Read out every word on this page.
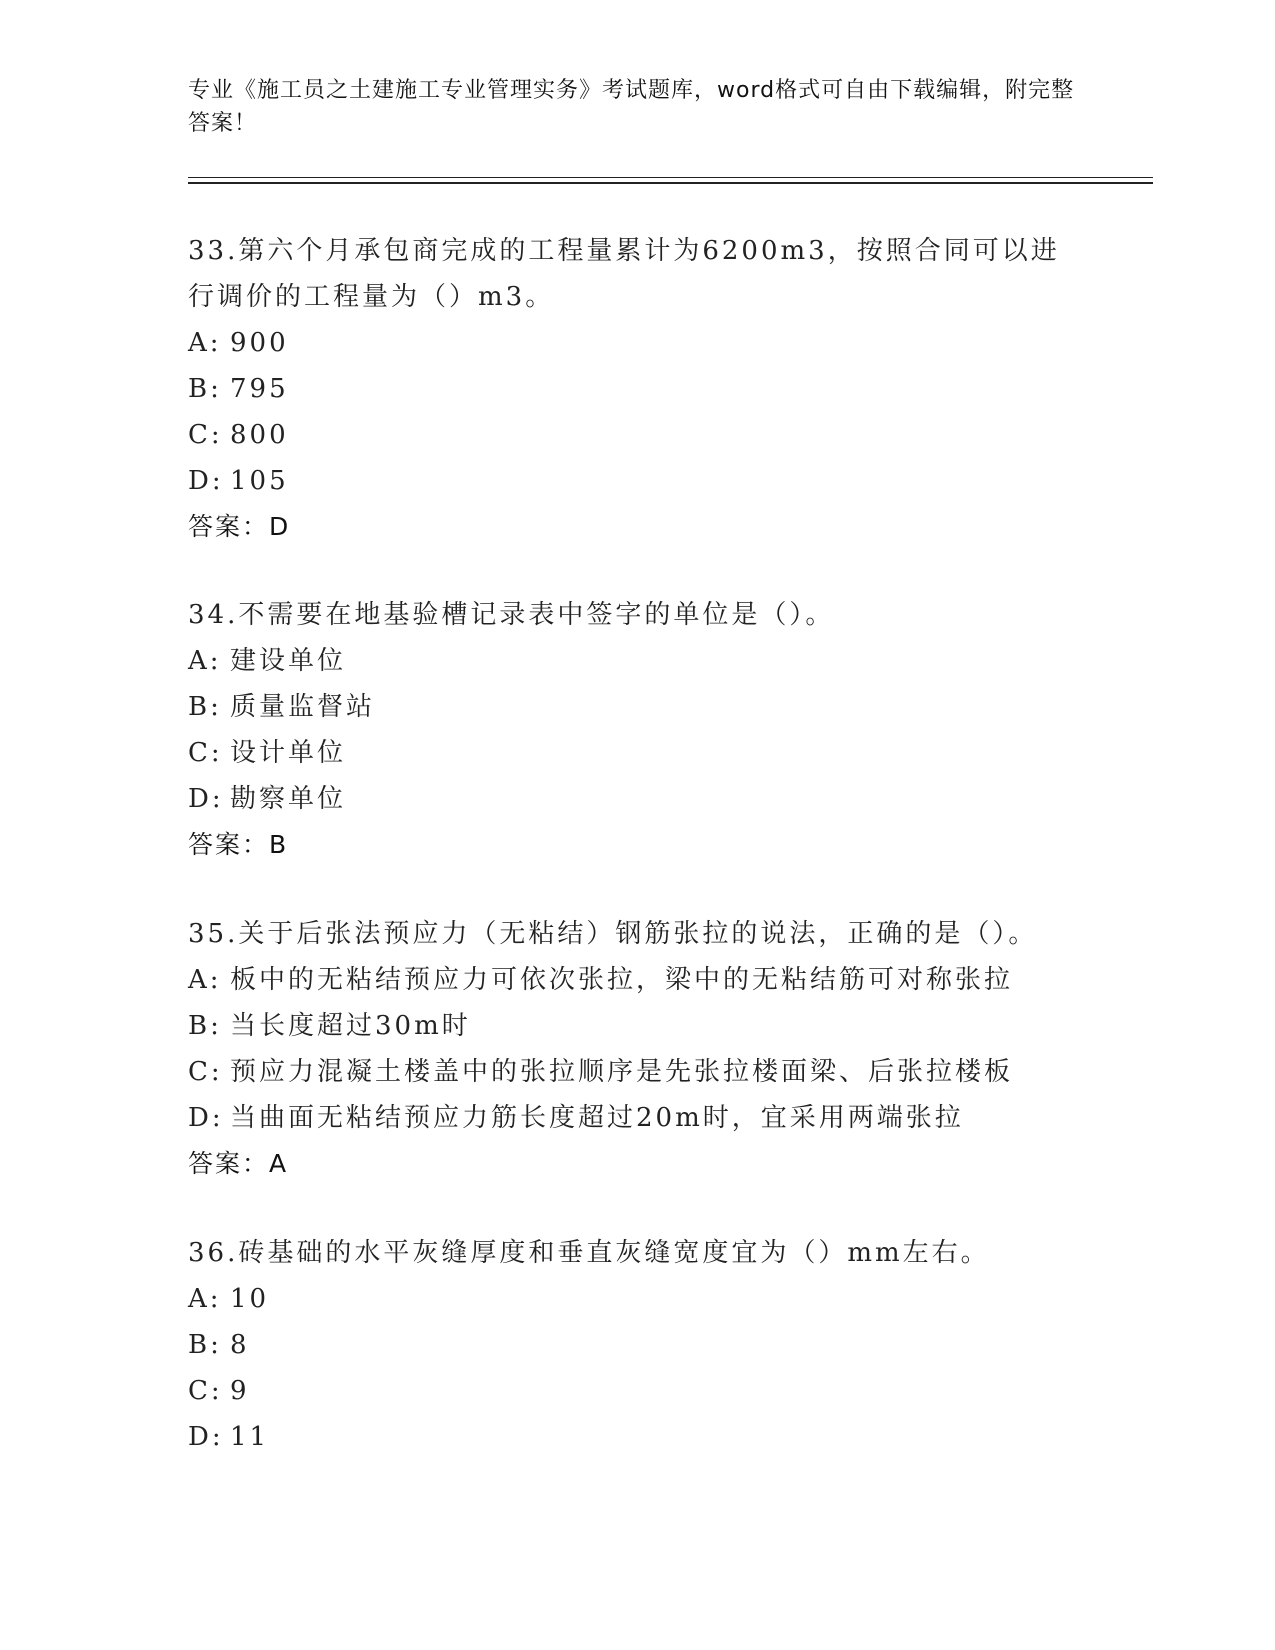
专业《施工员之土建施工专业管理实务》考试题库，word格式可自由下载编辑，附完整答案！
33.第六个月承包商完成的工程量累计为6200m3，按照合同可以进行调价的工程量为（）m3。
A: 900
B: 795
C: 800
D: 105
答案：D
34.不需要在地基验槽记录表中签字的单位是（）。
A: 建设单位
B: 质量监督站
C: 设计单位
D: 勘察单位
答案：B
35.关于后张法预应力（无粘结）钢筋张拉的说法，正确的是（）。
A: 板中的无粘结预应力可依次张拉，梁中的无粘结筋可对称张拉
B: 当长度超过30m时
C: 预应力混凝土楼盖中的张拉顺序是先张拉楼面梁、后张拉楼板
D: 当曲面无粘结预应力筋长度超过20m时，宜采用两端张拉
答案：A
36.砖基础的水平灰缝厚度和垂直灰缝宽度宜为（）mm左右。
A: 10
B: 8
C: 9
D: 11
